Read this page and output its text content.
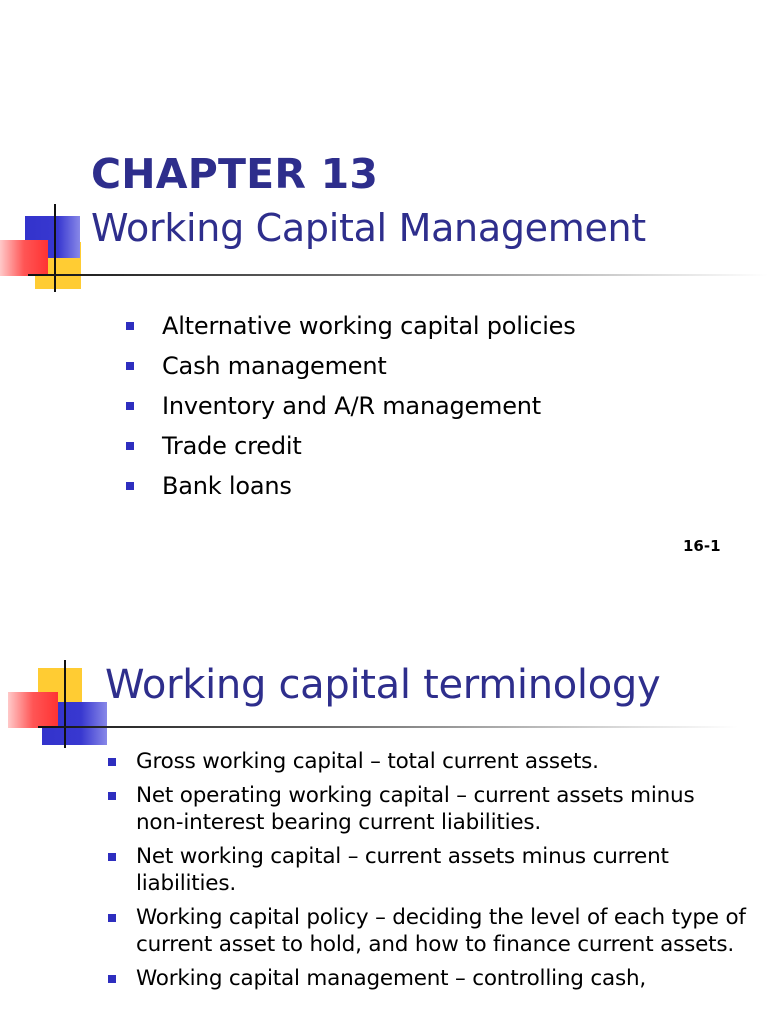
CHAPTER 13
Working Capital Management
Alternative working capital policies
Cash management
Inventory and A/R management
Trade credit
Bank loans
16-1
Working capital terminology
Gross working capital – total current assets.
Net operating working capital – current assets minus non-interest bearing current liabilities.
Net working capital – current assets minus current liabilities.
Working capital policy – deciding the level of each type of current asset to hold, and how to finance current assets.
Working capital management – controlling cash,
